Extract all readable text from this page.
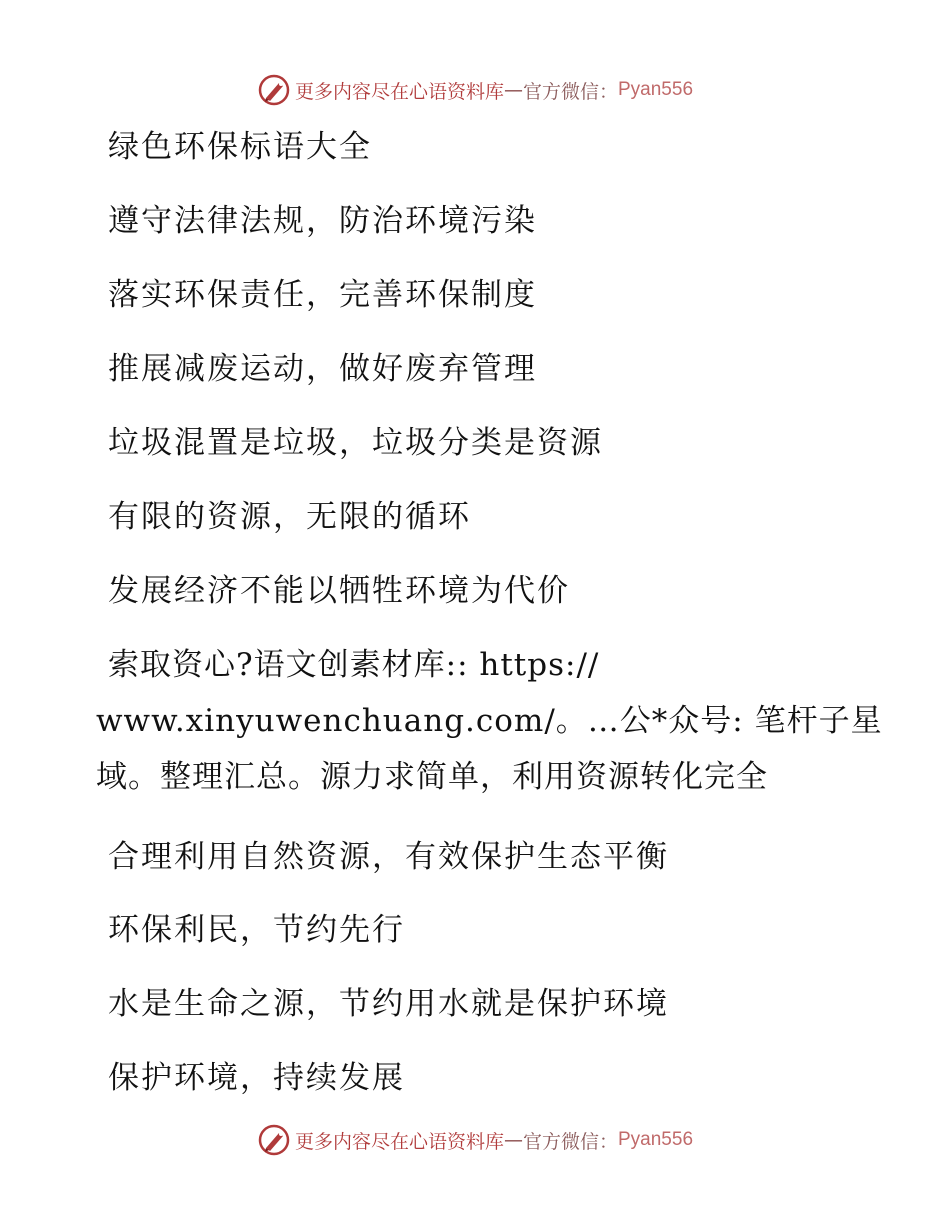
更多内容尽在心语资料库 — 官方微信： Pyan556
绿色环保标语大全
遵守法律法规，防治环境污染
落实环保责任，完善环保制度
推展减废运动，做好废弃管理
垃圾混置是垃圾，垃圾分类是资源
有限的资源，无限的循环
发展经济不能以牺牲环境为代价
索取资心?语文创素材库:: https://
www.xinyuwenchuang.com/。…公*众号: 笔杆子星
域。整理汇总。源力求简单，利用资源转化完全
合理利用自然资源，有效保护生态平衡
环保利民，节约先行
水是生命之源，节约用水就是保护环境
保护环境，持续发展
更多内容尽在心语资料库 — 官方微信： Pyan556
